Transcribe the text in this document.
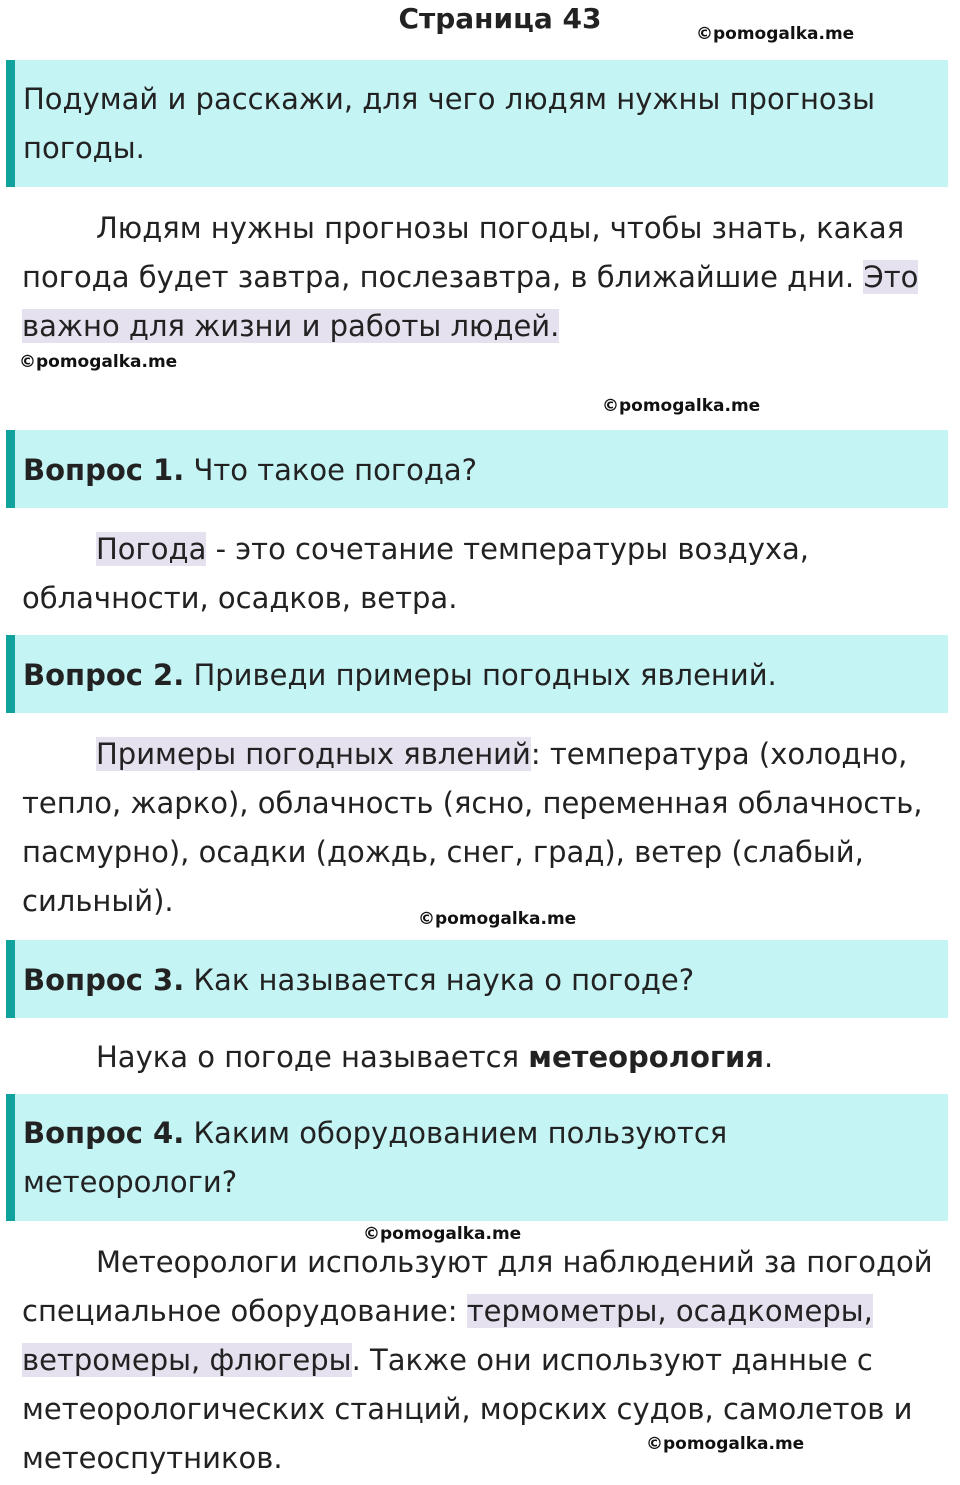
Страница 43	©pomogalka.me
Подумай и расскажи, для чего людям нужны прогнозы погоды.
Людям нужны прогнозы погоды, чтобы знать, какая погода будет завтра, послезавтра, в ближайшие дни. Это важно для жизни и работы людей.
©pomogalka.me
©pomogalka.me
Вопрос 1. Что такое погода?
Погода - это сочетание температуры воздуха, облачности, осадков, ветра.
Вопрос 2. Приведи примеры погодных явлений.
Примеры погодных явлений: температура (холодно, тепло, жарко), облачность (ясно, переменная облачность, пасмурно), осадки (дождь, снег, град), ветер (слабый, сильный).
©pomogalka.me
Вопрос 3. Как называется наука о погоде?
Наука о погоде называется метеорология.
Вопрос 4. Каким оборудованием пользуются метеорологи?
©pomogalka.me
Метеорологи используют для наблюдений за погодой специальное оборудование: термометры, осадкомеры, ветромеры, флюгеры. Также они используют данные с метеорологических станций, морских судов, самолетов и метеоспутников.	©pomogalka.me
